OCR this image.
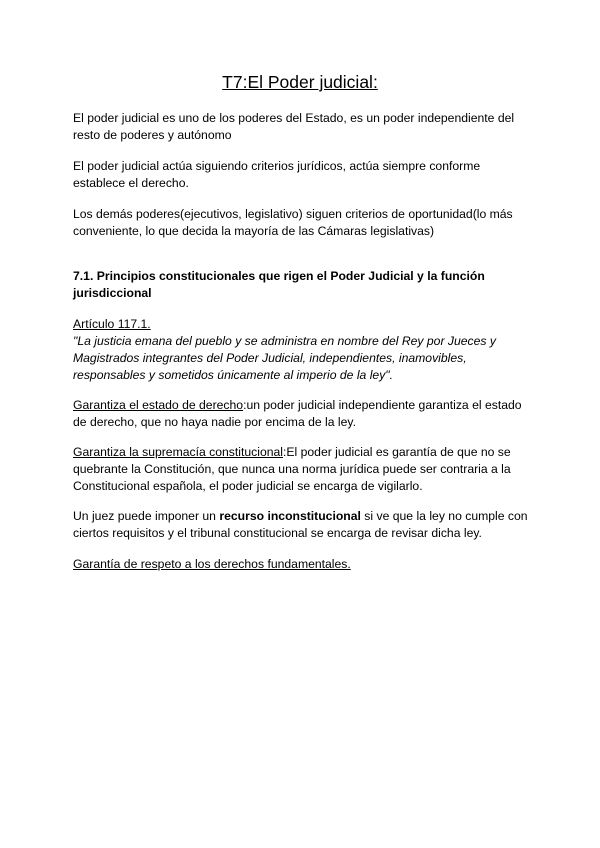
T7:El Poder judicial:

El poder judicial es uno de los poderes del Estado, es un poder independiente del
resto de poderes y autónomo

El poder judicial actúa siguiendo criterios jurídicos, actúa siempre conforme
establece el derecho.

Los demás poderes(ejecutivos, legislativo) siguen criterios de oportunidad(lo más
conveniente, lo que decida la mayoría de las Cámaras legislativas)

7.1. Principios constitucionales que rigen el Poder Judicial y la función
jurisdiccional
Artículo 117.1.
"La justicia emana del pueblo y se administra en nombre del Rey por Jueces y
Magistrados integrantes del Poder Judicial, independientes, inamovibles,
responsables y sometidos únicamente al imperio de la ley".

Garantiza el estado de derecho:un poder judicial independiente garantiza el estado
de derecho, que no haya nadie por encima de la ley.

Garantiza la supremacía constitucional:El poder judicial es garantía de que no se
quebrante la Constitución, que nunca una norma jurídica puede ser contraria a la
Constitucional española, el poder judicial se encarga de vigilarlo.

Un juez puede imponer un recurso inconstitucional si ve que la ley no cumple con
ciertos requisitos y el tribunal constitucional se encarga de revisar dicha ley.

Garantía de respeto a los derechos fundamentales.
